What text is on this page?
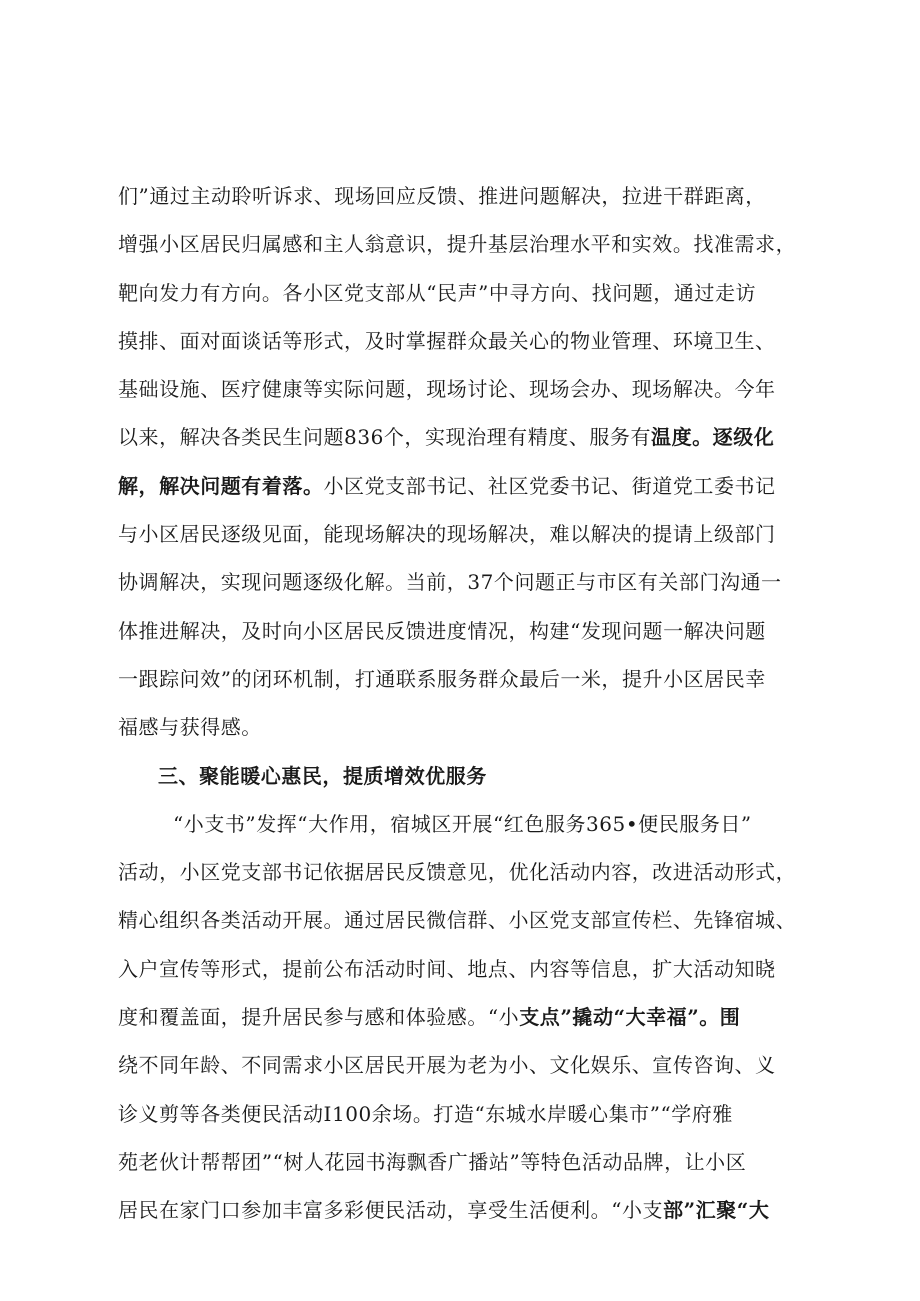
们”通过主动聆听诉求、现场回应反馈、推进问题解决，拉进干群距离，
增强小区居民归属感和主人翁意识，提升基层治理水平和实效。找准需求，
靶向发力有方向。各小区党支部从“民声”中寻方向、找问题，通过走访
摸排、面对面谈话等形式，及时掌握群众最关心的物业管理、环境卫生、
基础设施、医疗健康等实际问题，现场讨论、现场会办、现场解决。今年
以来，解决各类民生问题836个，实现治理有精度、服务有温度。逐级化
解，解决问题有着落。小区党支部书记、社区党委书记、街道党工委书记
与小区居民逐级见面，能现场解决的现场解决，难以解决的提请上级部门
协调解决，实现问题逐级化解。当前，37个问题正与市区有关部门沟通一
体推进解决，及时向小区居民反馈进度情况，构建“发现问题一解决问题
一跟踪问效”的闭环机制，打通联系服务群众最后一米，提升小区居民幸
福感与获得感。
三、聚能暖心惠民，提质增效优服务
“小支书”发挥“大作用，宿城区开展“红色服务365•便民服务日”
活动，小区党支部书记依据居民反馈意见，优化活动内容，改进活动形式，
精心组织各类活动开展。通过居民微信群、小区党支部宣传栏、先锋宿城、
入户宣传等形式，提前公布活动时间、地点、内容等信息，扩大活动知晓
度和覆盖面，提升居民参与感和体验感。“小支点”撬动“大幸福”。围
绕不同年龄、不同需求小区居民开展为老为小、文化娱乐、宣传咨询、义
诊义剪等各类便民活动I100余场。打造“东城水岸暖心集市”“学府雅
苑老伙计帮帮团”“树人花园书海飘香广播站”等特色活动品牌，让小区
居民在家门口参加丰富多彩便民活动，享受生活便利。“小支部”汇聚“大
